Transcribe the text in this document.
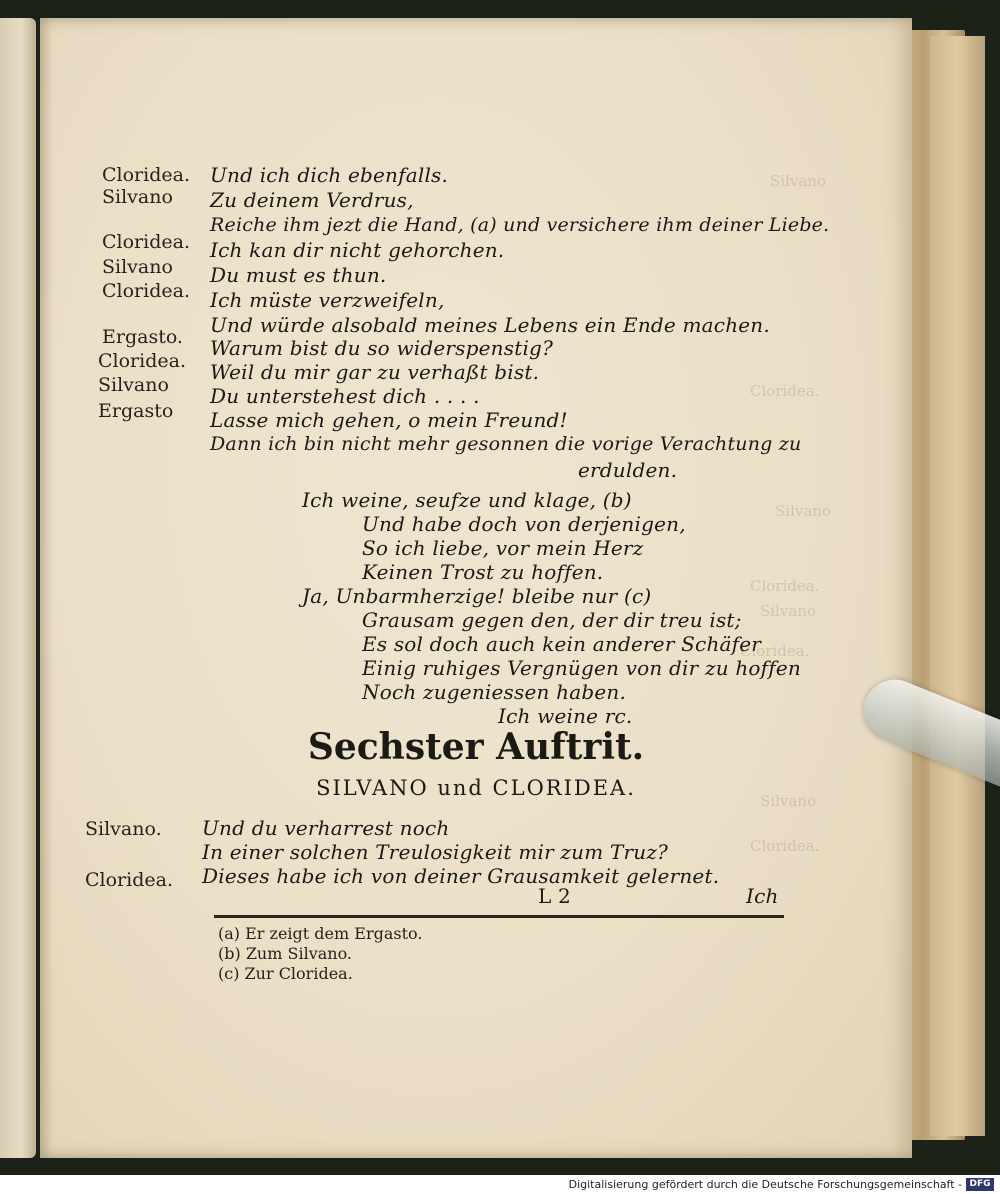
Silvano
Cloridea.
Silvano
Cloridea.
Silvano
Cloridea.
Silvano
Cloridea.
Cloridea.
Silvano
Cloridea.
Silvano
Cloridea.
Ergasto.
Cloridea.
Silvano
Ergasto
Silvano.
Cloridea.
Und ich dich ebenfalls.
Zu deinem Verdrus,
Reiche ihm jezt die Hand, (a) und versichere ihm deiner Liebe.
Ich kan dir nicht gehorchen.
Du must es thun.
Ich müste verzweifeln,
Und würde alsobald meines Lebens ein Ende machen.
Warum bist du so widerspenstig?
Weil du mir gar zu verhaßt bist.
Du unterstehest dich . . . .
Lasse mich gehen, o mein Freund!
Dann ich bin nicht mehr gesonnen die vorige Verachtung zu
erdulden.
Ich weine, seufze und klage, (b)
Und habe doch von derjenigen,
So ich liebe, vor mein Herz
Keinen Trost zu hoffen.
Ja, Unbarmherzige! bleibe nur (c)
Grausam gegen den, der dir treu ist;
Es sol doch auch kein anderer Schäfer
Einig ruhiges Vergnügen von dir zu hoffen
Noch zugeniessen haben.
Ich weine rc.
Sechster Auftrit.
SILVANO und CLORIDEA.
Und du verharrest noch
In einer solchen Treulosigkeit mir zum Truz?
Dieses habe ich von deiner Grausamkeit gelernet.
L 2	Ich
(a) Er zeigt dem Ergasto.
(b) Zum Silvano.
(c) Zur Cloridea.
Digitalisierung gefördert durch die Deutsche Forschungsgemeinschaft - DFG
